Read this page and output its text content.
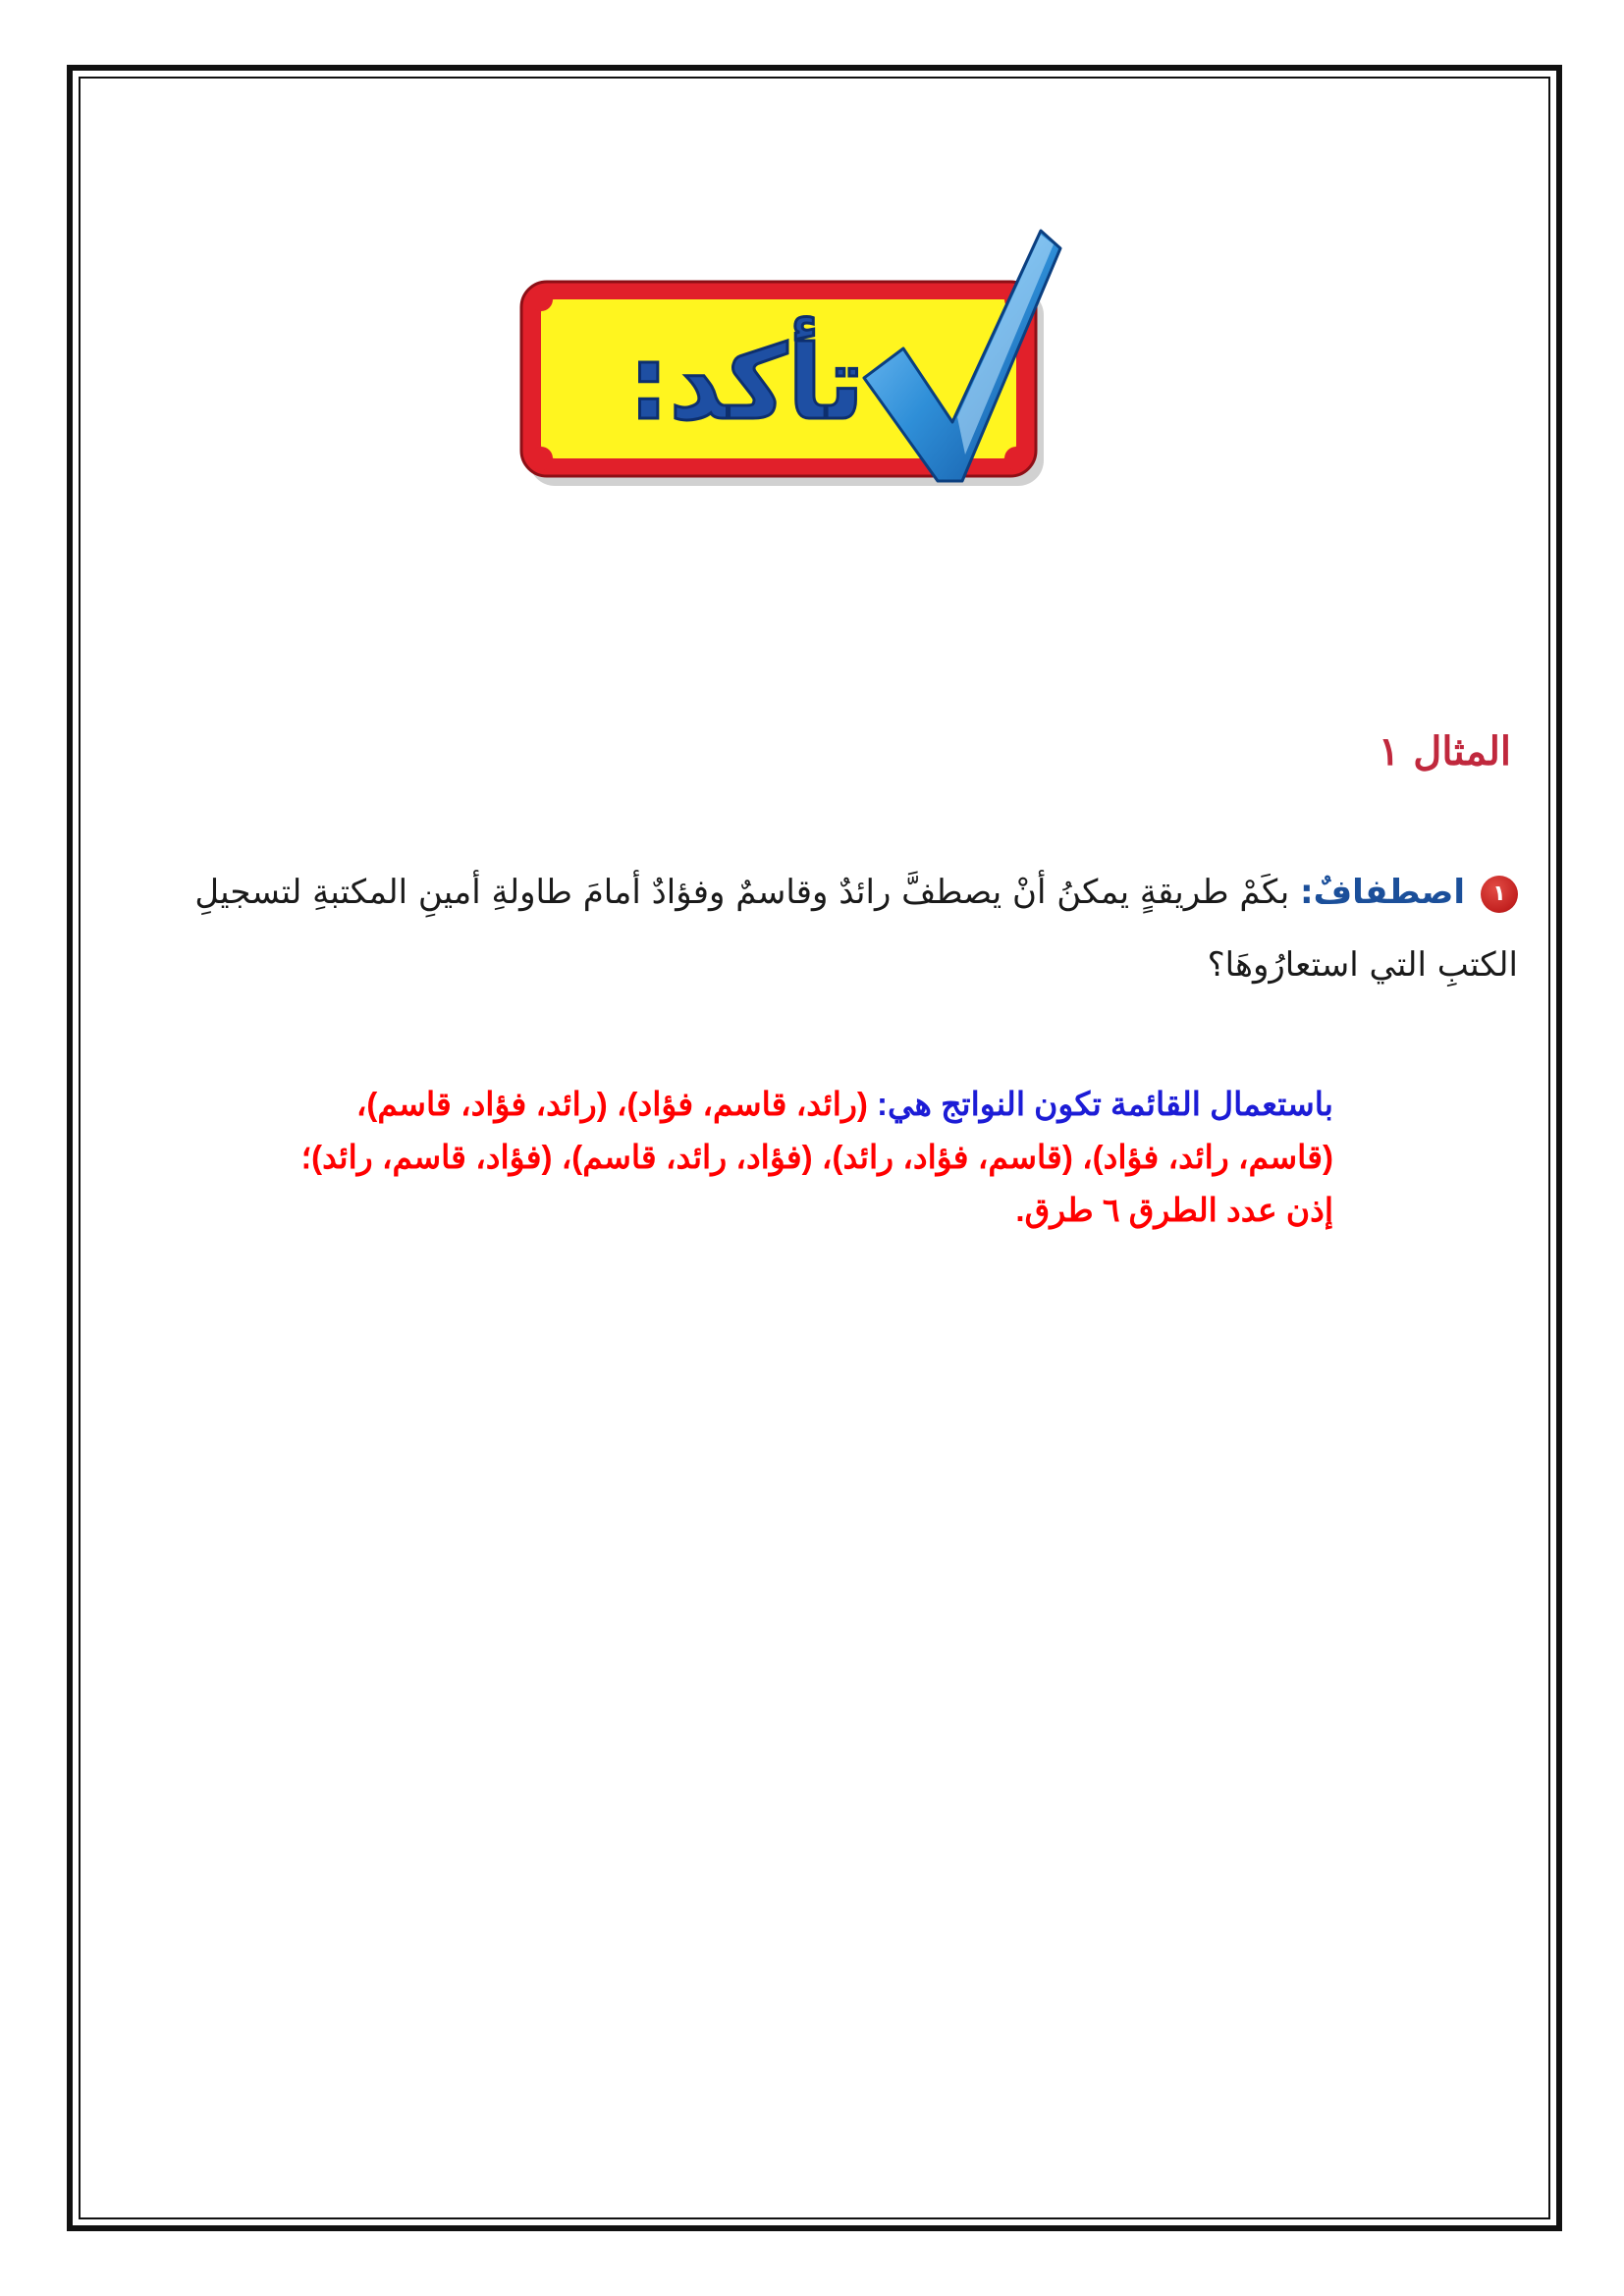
تأكد:
المثال ١
١اصطفافٌ: بكَمْ طريقةٍ يمكنُ أنْ يصطفَّ رائدٌ وقاسمٌ وفؤادٌ أمامَ طاولةِ أمينِ المكتبةِ لتسجيلِ الكتبِ التي استعارُوهَا؟
باستعمال القائمة تكون النواتج هي: (رائد، قاسم، فؤاد)، (رائد، فؤاد، قاسم)، (قاسم، رائد، فؤاد)، (قاسم، فؤاد، رائد)، (فؤاد، رائد، قاسم)، (فؤاد، قاسم، رائد)؛ إذن عدد الطرق ٦ طرق.
